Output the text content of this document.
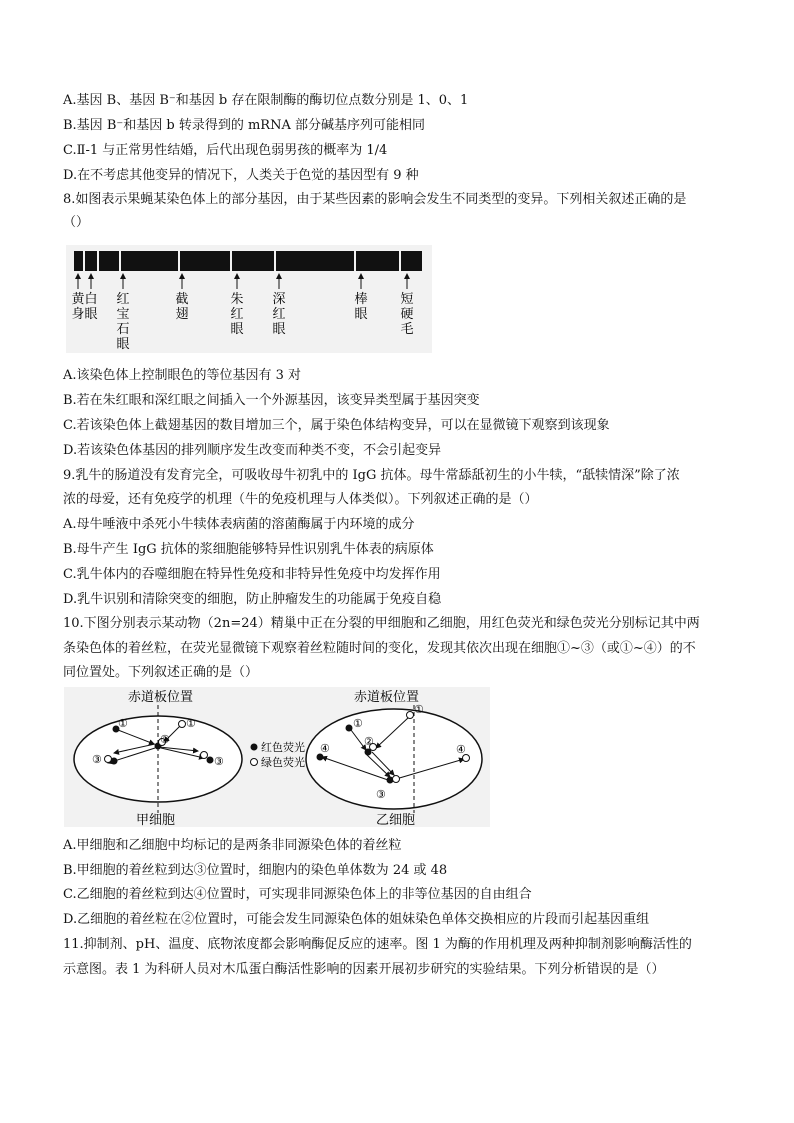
A.基因 B、基因 B⁻和基因 b 存在限制酶的酶切位点数分别是 1、0、1
B.基因 B⁻和基因 b 转录得到的 mRNA 部分碱基序列可能相同
C.Ⅱ-1 与正常男性结婚，后代出现色弱男孩的概率为 1/4
D.在不考虑其他变异的情况下，人类关于色觉的基因型有 9 种
8.如图表示果蝇某染色体上的部分基因，由于某些因素的影响会发生不同类型的变异。下列相关叙述正确的是
（）
黄
身
白
眼
红
宝
石
眼
截
翅
朱
红
眼
深
红
眼
棒
眼
短
硬
毛
A.该染色体上控制眼色的等位基因有 3 对
B.若在朱红眼和深红眼之间插入一个外源基因，该变异类型属于基因突变
C.若该染色体上截翅基因的数目增加三个，属于染色体结构变异，可以在显微镜下观察到该现象
D.若该染色体基因的排列顺序发生改变而种类不变，不会引起变异
9.乳牛的肠道没有发育完全，可吸收母牛初乳中的 IgG 抗体。母牛常舔舐初生的小牛犊，“舐犊情深”除了浓
浓的母爱，还有免疫学的机理（牛的免疫机理与人体类似）。下列叙述正确的是（）
A.母牛唾液中杀死小牛犊体表病菌的溶菌酶属于内环境的成分
B.母牛产生 IgG 抗体的浆细胞能够特异性识别乳牛体表的病原体
C.乳牛体内的吞噬细胞在特异性免疫和非特异性免疫中均发挥作用
D.乳牛识别和清除突变的细胞，防止肿瘤发生的功能属于免疫自稳
10.下图分别表示某动物（2n=24）精巢中正在分裂的甲细胞和乙细胞，用红色荧光和绿色荧光分别标记其中两
条染色体的着丝粒，在荧光显微镜下观察着丝粒随时间的变化，发现其依次出现在细胞①~③（或①~④）的不
同位置处。下列叙述正确的是（）
赤道板位置
甲细胞
①	①
②
③	③
红色荧光
绿色荧光
赤道板位置
乙细胞
①
①
②
③
④	④
A.甲细胞和乙细胞中均标记的是两条非同源染色体的着丝粒
B.甲细胞的着丝粒到达③位置时，细胞内的染色单体数为 24 或 48
C.乙细胞的着丝粒到达④位置时，可实现非同源染色体上的非等位基因的自由组合
D.乙细胞的着丝粒在②位置时，可能会发生同源染色体的姐妹染色单体交换相应的片段而引起基因重组
11.抑制剂、pH、温度、底物浓度都会影响酶促反应的速率。图 1 为酶的作用机理及两种抑制剂影响酶活性的
示意图。表 1 为科研人员对木瓜蛋白酶活性影响的因素开展初步研究的实验结果。下列分析错误的是（）
